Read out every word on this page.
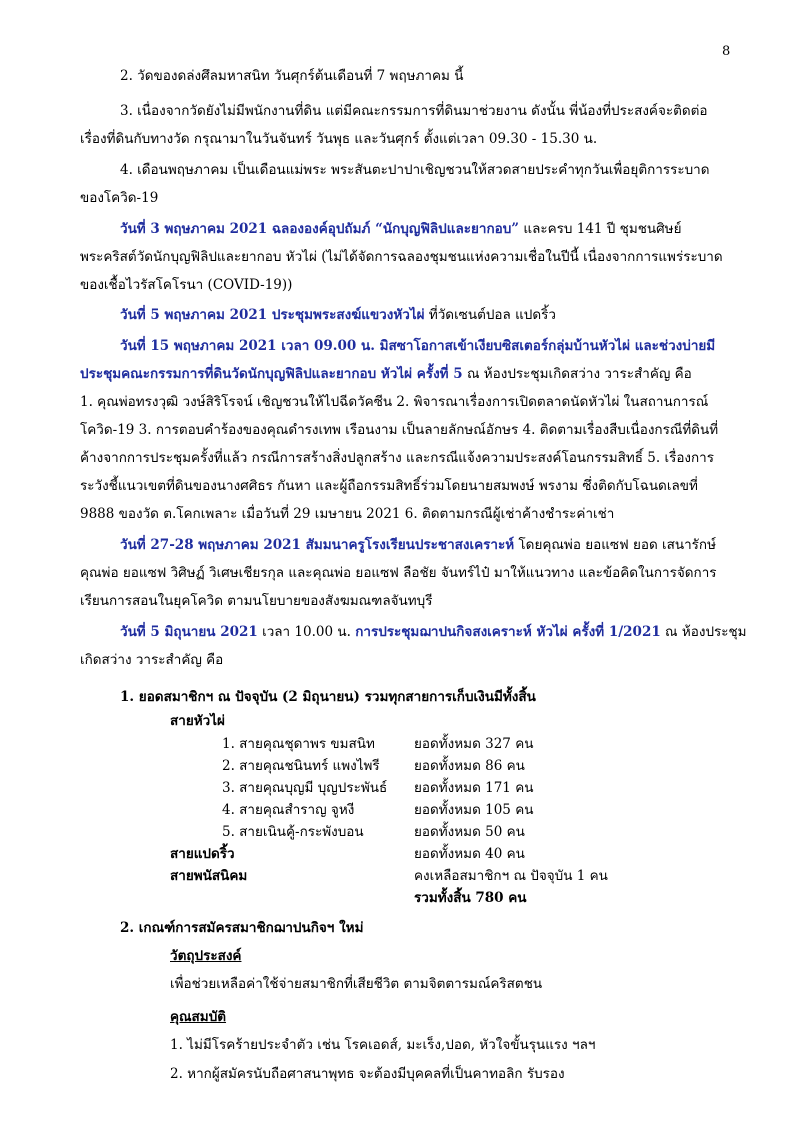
8
2. วัดของดล่งศึลมหาสนิท วันศุกร์ต้นเดือนที่ 7 พฤษภาคม นี้
3. เนื่องจากวัดยังไม่มีพนักงานที่ดิน แต่มีคณะกรรมการที่ดินมาช่วยงาน ดังนั้น พี่น้องที่ประสงค์จะติดต่อ
เรื่องที่ดินกับทางวัด กรุณามาในวันจันทร์ วันพุธ และวันศุกร์ ตั้งแต่เวลา 09.30 - 15.30 น.
4. เดือนพฤษภาคม เป็นเดือนแม่พระ พระสันตะปาปาเชิญชวนให้สวดสายประคำทุกวันเพื่อยุติการระบาด
ของโควิด-19
วันที่ 3 พฤษภาคม 2021 ฉลององค์อุปถัมภ์ “นักบุญฟิลิปและยากอบ” และครบ 141 ปี ชุมชนศิษย์
พระคริสต์วัดนักบุญฟิลิปและยากอบ หัวไผ่ (ไม่ได้จัดการฉลองชุมชนแห่งความเชื่อในปีนี้ เนื่องจากการแพร่ระบาด
ของเชื้อไวรัสโคโรนา (COVID-19))
วันที่ 5 พฤษภาคม 2021 ประชุมพระสงฆ์แขวงหัวไผ่ ที่วัดเซนต์ปอล แปดริ้ว
วันที่ 15 พฤษภาคม 2021 เวลา 09.00 น. มิสซาโอกาสเข้าเงียบซิสเตอร์กลุ่มบ้านหัวไผ่ และช่วงบ่ายมี
ประชุมคณะกรรมการที่ดินวัดนักบุญฟิลิปและยากอบ หัวไผ่ ครั้งที่ 5 ณ ห้องประชุมเกิดสว่าง วาระสำคัญ คือ
1. คุณพ่อทรงวุฒิ วงษ์สิริโรจน์ เชิญชวนให้ไปฉีดวัคซีน 2. พิจารณาเรื่องการเปิดตลาดนัดหัวไผ่ ในสถานการณ์
โควิด-19 3. การตอบคำร้องของคุณดำรงเทพ เรือนงาม เป็นลายลักษณ์อักษร 4. ติดตามเรื่องสืบเนื่องกรณีที่ดินที่
ค้างจากการประชุมครั้งที่แล้ว กรณีการสร้างสิ่งปลูกสร้าง และกรณีแจ้งความประสงค์โอนกรรมสิทธิ์ 5. เรื่องการ
ระวังชี้แนวเขตที่ดินของนางศศิธร กันหา และผู้ถือกรรมสิทธิ์ร่วมโดยนายสมพงษ์ พรงาม ซึ่งติดกับโฉนดเลขที่
9888 ของวัด ต.โคกเพลาะ เมื่อวันที่ 29 เมษายน 2021 6. ติดตามกรณีผู้เช่าค้างชำระค่าเช่า
วันที่ 27-28 พฤษภาคม 2021 สัมมนาครูโรงเรียนประชาสงเคราะห์ โดยคุณพ่อ ยอแซฟ ยอด เสนารักษ์
คุณพ่อ ยอแซฟ วิศิษฏ์ วิเศษเชียรกุล และคุณพ่อ ยอแซฟ ลือชัย จันทร์ไป๋ มาให้แนวทาง และข้อคิดในการจัดการ
เรียนการสอนในยุคโควิด ตามนโยบายของสังฆมณฑลจันทบุรี
วันที่ 5 มิถุนายน 2021 เวลา 10.00 น. การประชุมฌาปนกิจสงเคราะห์ หัวไผ่ ครั้งที่ 1/2021 ณ ห้องประชุม
เกิดสว่าง วาระสำคัญ คือ
1. ยอดสมาชิกฯ ณ ปัจจุบัน (2 มิถุนายน) รวมทุกสายการเก็บเงินมีทั้งสิ้น
สายหัวไผ่
1. สายคุณชุดาพร ขมสนิท	ยอดทั้งหมด 327 คน
2. สายคุณชนินทร์ แพงไพรี	ยอดทั้งหมด 86 คน
3. สายคุณบุญมี บุญประพันธ์ ยอดทั้งหมด 171 คน
4. สายคุณสำราญ จูหงี	ยอดทั้งหมด 105 คน
5. สายเนินคู้-กระพังบอน	ยอดทั้งหมด 50 คน
สายแปดริ้ว	ยอดทั้งหมด 40 คน
สายพนัสนิคม	คงเหลือสมาชิกฯ ณ ปัจจุบัน 1 คน
รวมทั้งสิ้น 780 คน
2. เกณฑ์การสมัครสมาชิกฌาปนกิจฯ ใหม่
วัตถุประสงค์
เพื่อช่วยเหลือค่าใช้จ่ายสมาชิกที่เสียชีวิต ตามจิตตารมณ์คริสตชน
คุณสมบัติ
1. ไม่มีโรคร้ายประจำตัว เช่น โรคเอดส์, มะเร็ง,ปอด, หัวใจขั้นรุนแรง ฯลฯ
2. หากผู้สมัครนับถือศาสนาพุทธ จะต้องมีบุคคลที่เป็นคาทอลิก รับรอง
